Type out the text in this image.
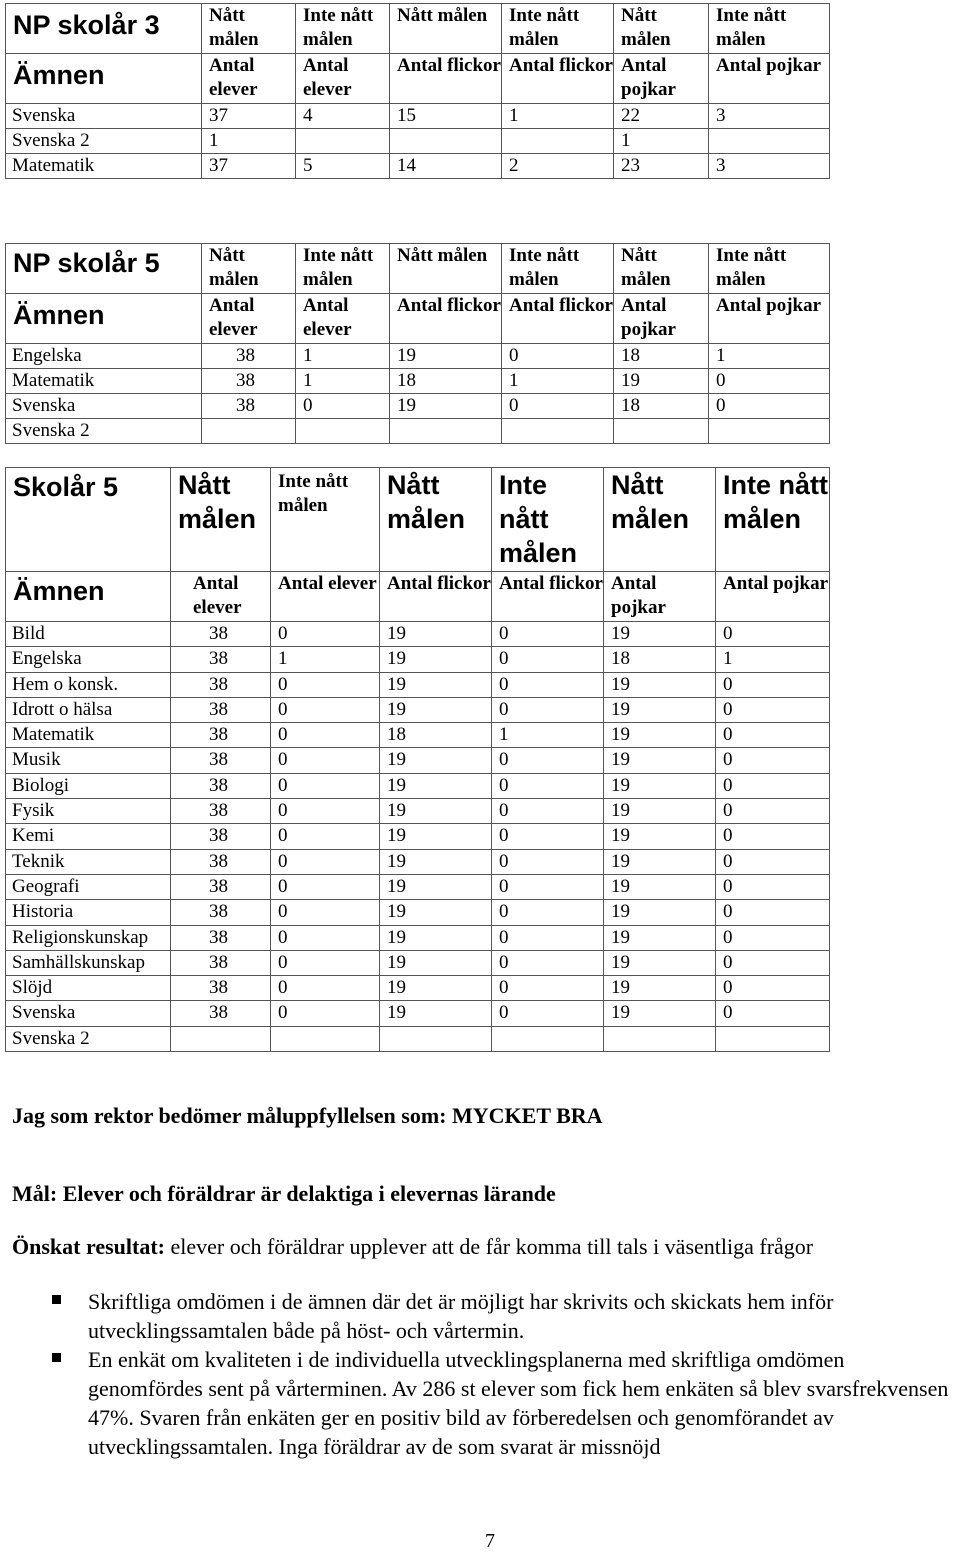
NP skolår 3	Nått målen	Inte nått målen	Nått målen	Inte nått målen	Nått målen	Inte nått målen
Ämnen	Antal elever	Antal elever	Antal flickor	Antal flickor	Antal pojkar	Antal pojkar
Svenska	37	4	15	1	22	3
Svenska 2	1				1	
Matematik	37	5	14	2	23	3
NP skolår 5	Nått målen	Inte nått målen	Nått målen	Inte nått målen	Nått målen	Inte nått målen
Ämnen	Antal elever	Antal elever	Antal flickor	Antal flickor	Antal pojkar	Antal pojkar
Engelska	38	1	19	0	18	1
Matematik	38	1	18	1	19	0
Svenska	38	0	19	0	18	0
Svenska 2						
Skolår 5	Nått målen	Inte nått målen	Nått målen	Inte nått målen	Nått målen	Inte nått målen
Ämnen	Antal elever	Antal elever	Antal flickor	Antal flickor	Antal pojkar	Antal pojkar
Bild	38	0	19	0	19	0
Engelska	38	1	19	0	18	1
Hem o konsk.	38	0	19	0	19	0
Idrott o hälsa	38	0	19	0	19	0
Matematik	38	0	18	1	19	0
Musik	38	0	19	0	19	0
Biologi	38	0	19	0	19	0
Fysik	38	0	19	0	19	0
Kemi	38	0	19	0	19	0
Teknik	38	0	19	0	19	0
Geografi	38	0	19	0	19	0
Historia	38	0	19	0	19	0
Religionskunskap	38	0	19	0	19	0
Samhällskunskap	38	0	19	0	19	0
Slöjd	38	0	19	0	19	0
Svenska	38	0	19	0	19	0
Svenska 2						
Jag som rektor bedömer måluppfyllelsen som: MYCKET BRA
Mål: Elever och föräldrar är delaktiga i elevernas lärande
Önskat resultat: elever och föräldrar upplever att de får komma till tals i väsentliga frågor
Skriftliga omdömen i de ämnen där det är möjligt har skrivits och skickats hem inför utvecklingssamtalen både på höst- och vårtermin.
En enkät om kvaliteten i de individuella utvecklingsplanerna med skriftliga omdömen genomfördes sent på vårterminen. Av 286 st elever som fick hem enkäten så blev svarsfrekvensen 47%. Svaren från enkäten ger en positiv bild av förberedelsen och genomförandet av utvecklingssamtalen. Inga föräldrar av de som svarat är missnöjd
7
